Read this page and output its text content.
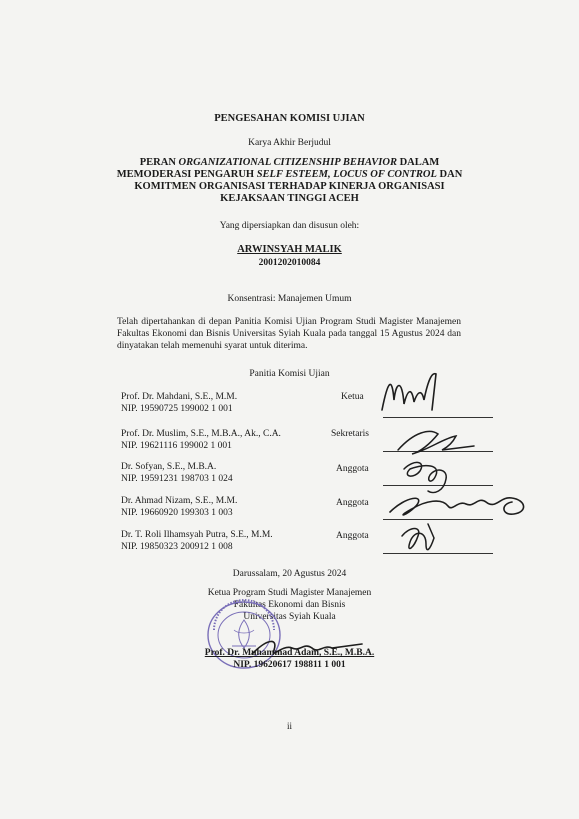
PENGESAHAN KOMISI UJIAN
Karya Akhir Berjudul
PERAN ORGANIZATIONAL CITIZENSHIP BEHAVIOR DALAM
MEMODERASI PENGARUH SELF ESTEEM, LOCUS OF CONTROL DAN
KOMITMEN ORGANISASI TERHADAP KINERJA ORGANISASI
KEJAKSAAN TINGGI ACEH
Yang dipersiapkan dan disusun oleh:
ARWINSYAH MALIK
2001202010084
Konsentrasi: Manajemen Umum
Telah dipertahankan di depan Panitia Komisi Ujian Program Studi Magister Manajemen Fakultas Ekonomi dan Bisnis Universitas Syiah Kuala pada tanggal 15 Agustus 2024 dan dinyatakan telah memenuhi syarat untuk diterima.
Panitia Komisi Ujian
Prof. Dr. Mahdani, S.E., M.M.
NIP. 19590725 199002 1 001
Ketua
Prof. Dr. Muslim, S.E., M.B.A., Ak., C.A.
NIP. 19621116 199002 1 001
Sekretaris
Dr. Sofyan, S.E., M.B.A.
NIP. 19591231 198703 1 024
Anggota
Dr. Ahmad Nizam, S.E., M.M.
NIP. 19660920 199303 1 003
Anggota
Dr. T. Roli Ilhamsyah Putra, S.E., M.M.
NIP. 19850323 200912 1 008
Anggota
Darussalam, 20 Agustus 2024
Ketua Program Studi Magister Manajemen
Fakultas Ekonomi dan Bisnis
Universitas Syiah Kuala
Prof. Dr. Muhammad Adam, S.E., M.B.A.
NIP. 19620617 198811 1 001
ii
